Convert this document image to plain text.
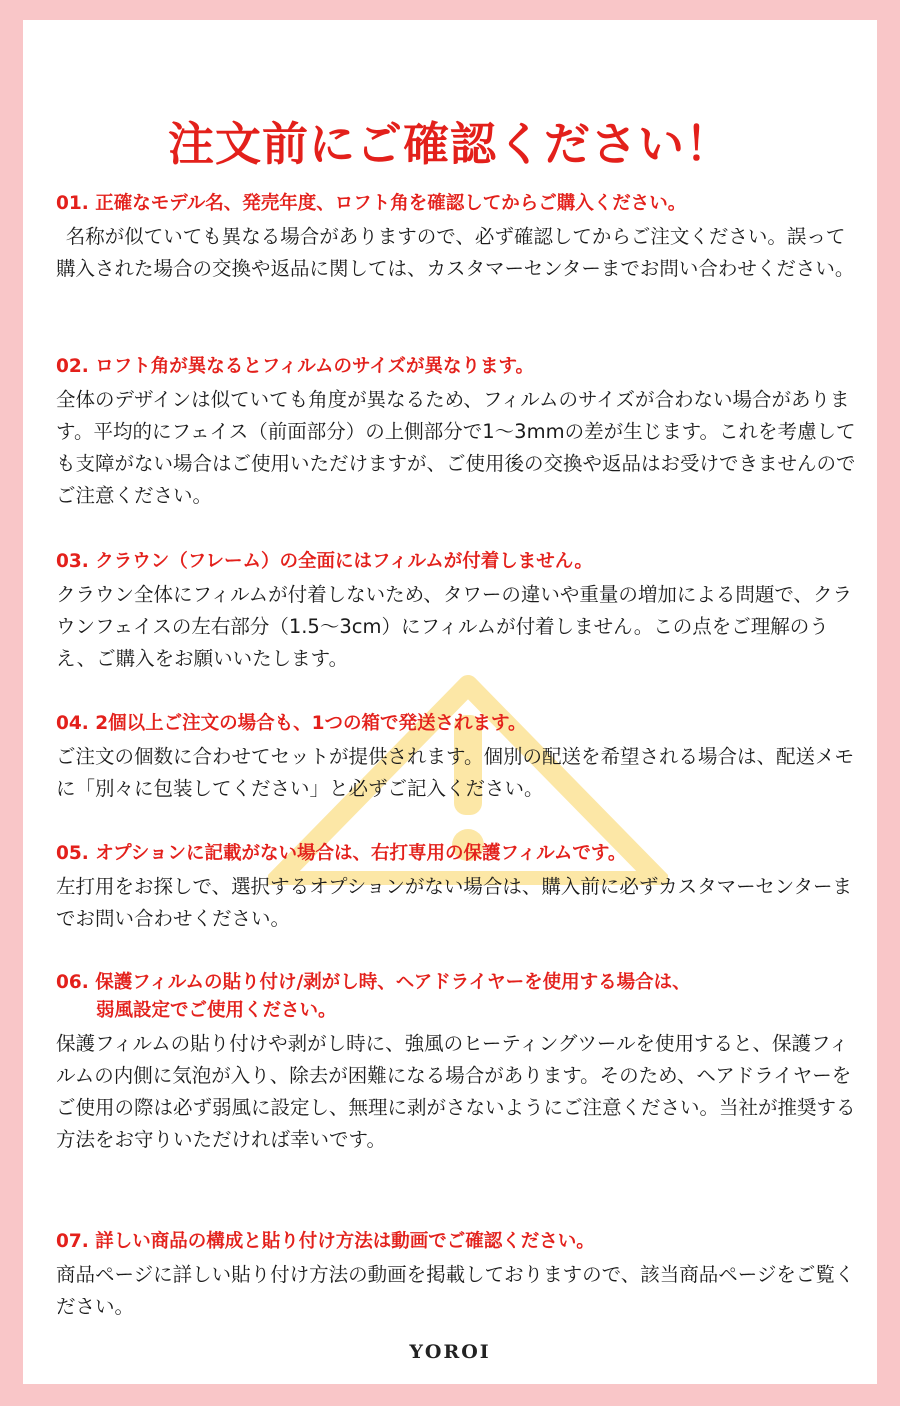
注文前にご確認ください！
01. 正確なモデル名、発売年度、ロフト角を確認してからご購入ください。
名称が似ていても異なる場合がありますので、必ず確認してからご注文ください。誤って購入された場合の交換や返品に関しては、カスタマーセンターまでお問い合わせください。
02. ロフト角が異なるとフィルムのサイズが異なります。
全体のデザインは似ていても角度が異なるため、フィルムのサイズが合わない場合があります。平均的にフェイス（前面部分）の上側部分で1〜3mmの差が生じます。これを考慮しても支障がない場合はご使用いただけますが、ご使用後の交換や返品はお受けできませんのでご注意ください。
03. クラウン（フレーム）の全面にはフィルムが付着しません。
クラウン全体にフィルムが付着しないため、タワーの違いや重量の増加による問題で、クラウンフェイスの左右部分（1.5〜3cm）にフィルムが付着しません。この点をご理解のうえ、ご購入をお願いいたします。
04. 2個以上ご注文の場合も、1つの箱で発送されます。
ご注文の個数に合わせてセットが提供されます。個別の配送を希望される場合は、配送メモに「別々に包装してください」と必ずご記入ください。
05. オプションに記載がない場合は、右打専用の保護フィルムです。
左打用をお探しで、選択するオプションがない場合は、購入前に必ずカスタマーセンターまでお問い合わせください。
06. 保護フィルムの貼り付け/剥がし時、ヘアドライヤーを使用する場合は、
弱風設定でご使用ください。
保護フィルムの貼り付けや剥がし時に、強風のヒーティングツールを使用すると、保護フィルムの内側に気泡が入り、除去が困難になる場合があります。そのため、ヘアドライヤーをご使用の際は必ず弱風に設定し、無理に剥がさないようにご注意ください。当社が推奨する方法をお守りいただければ幸いです。
07. 詳しい商品の構成と貼り付け方法は動画でご確認ください。
商品ページに詳しい貼り付け方法の動画を掲載しておりますので、該当商品ページをご覧ください。
YOROI
